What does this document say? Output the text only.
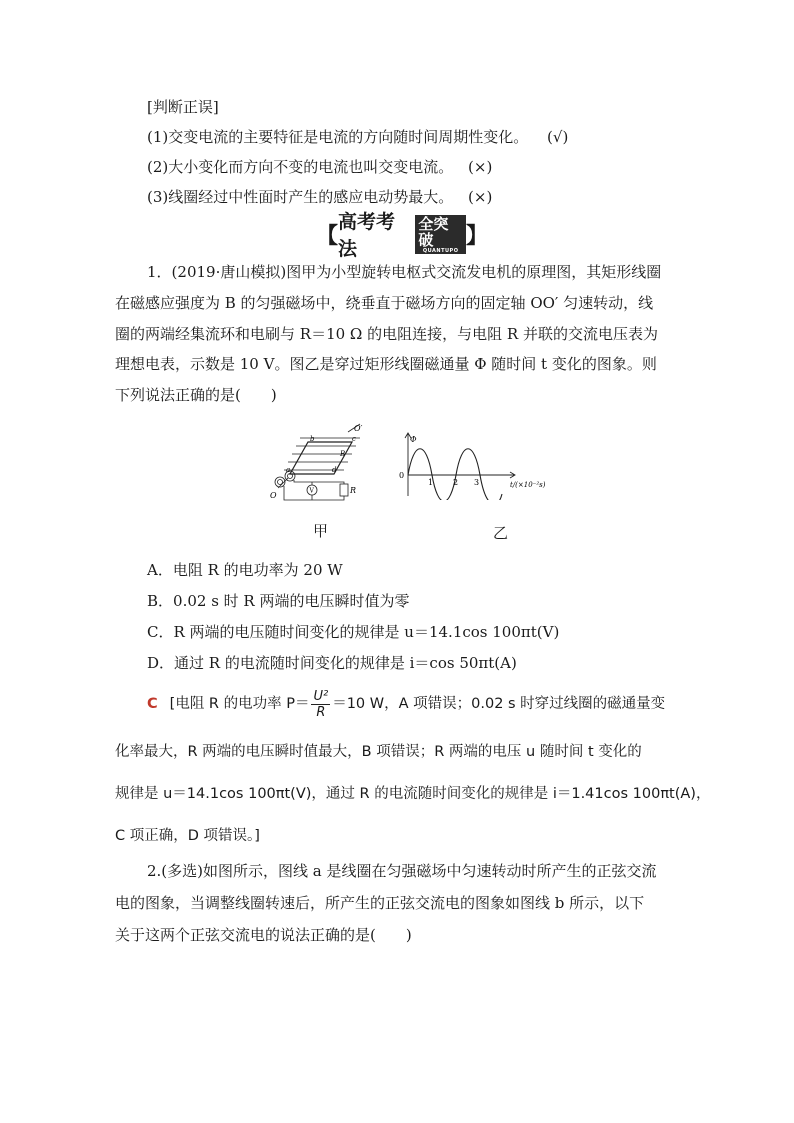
[判断正误]
(1)交变电流的主要特征是电流的方向随时间周期性变化。 (√)
(2)大小变化而方向不变的电流也叫交变电流。 (×)
(3)线圈经过中性面时产生的感应电动势最大。 (×)
【
高考考法
全突破
QUANTUPO
】
1．(2019·唐山模拟)图甲为小型旋转电枢式交流发电机的原理图，其矩形线圈
在磁感应强度为 B 的匀强磁场中，绕垂直于磁场方向的固定轴 OO′ 匀速转动，线
圈的两端经集流环和电刷与 R＝10 Ω 的电阻连接，与电阻 R 并联的交流电压表为
理想电表，示数是 10 V。图乙是穿过矩形线圈磁通量 Φ 随时间 t 变化的图象。则
下列说法正确的是(　　)
V	R
O′
b	c
a	d
B
O
甲
Φ
0
1 2 3	t/(×10⁻²s)
乙
A．电阻 R 的电功率为 20 W
B．0.02 s 时 R 两端的电压瞬时值为零
C．R 两端的电压随时间变化的规律是 u＝14.1cos 100πt(V)
D．通过 R 的电流随时间变化的规律是 i＝cos 50πt(A)
C [电阻 R 的电功率 $P= \frac{\text{U²}}{R} =10$ W，A 项错误；0.02 s 时穿过线圈的磁通量变
化率最大，R 两端的电压瞬时值最大，B 项错误；R 两端的电压 u 随时间 t 变化的
规律是 u＝14.1cos 100πt(V)，通过 R 的电流随时间变化的规律是 i＝1.41cos 100πt(A)，
C 项正确，D 项错误。]
2.(多选)如图所示，图线 a 是线圈在匀强磁场中匀速转动时所产生的正弦交流
电的图象，当调整线圈转速后，所产生的正弦交流电的图象如图线 b 所示，以下
关于这两个正弦交流电的说法正确的是(　　)
